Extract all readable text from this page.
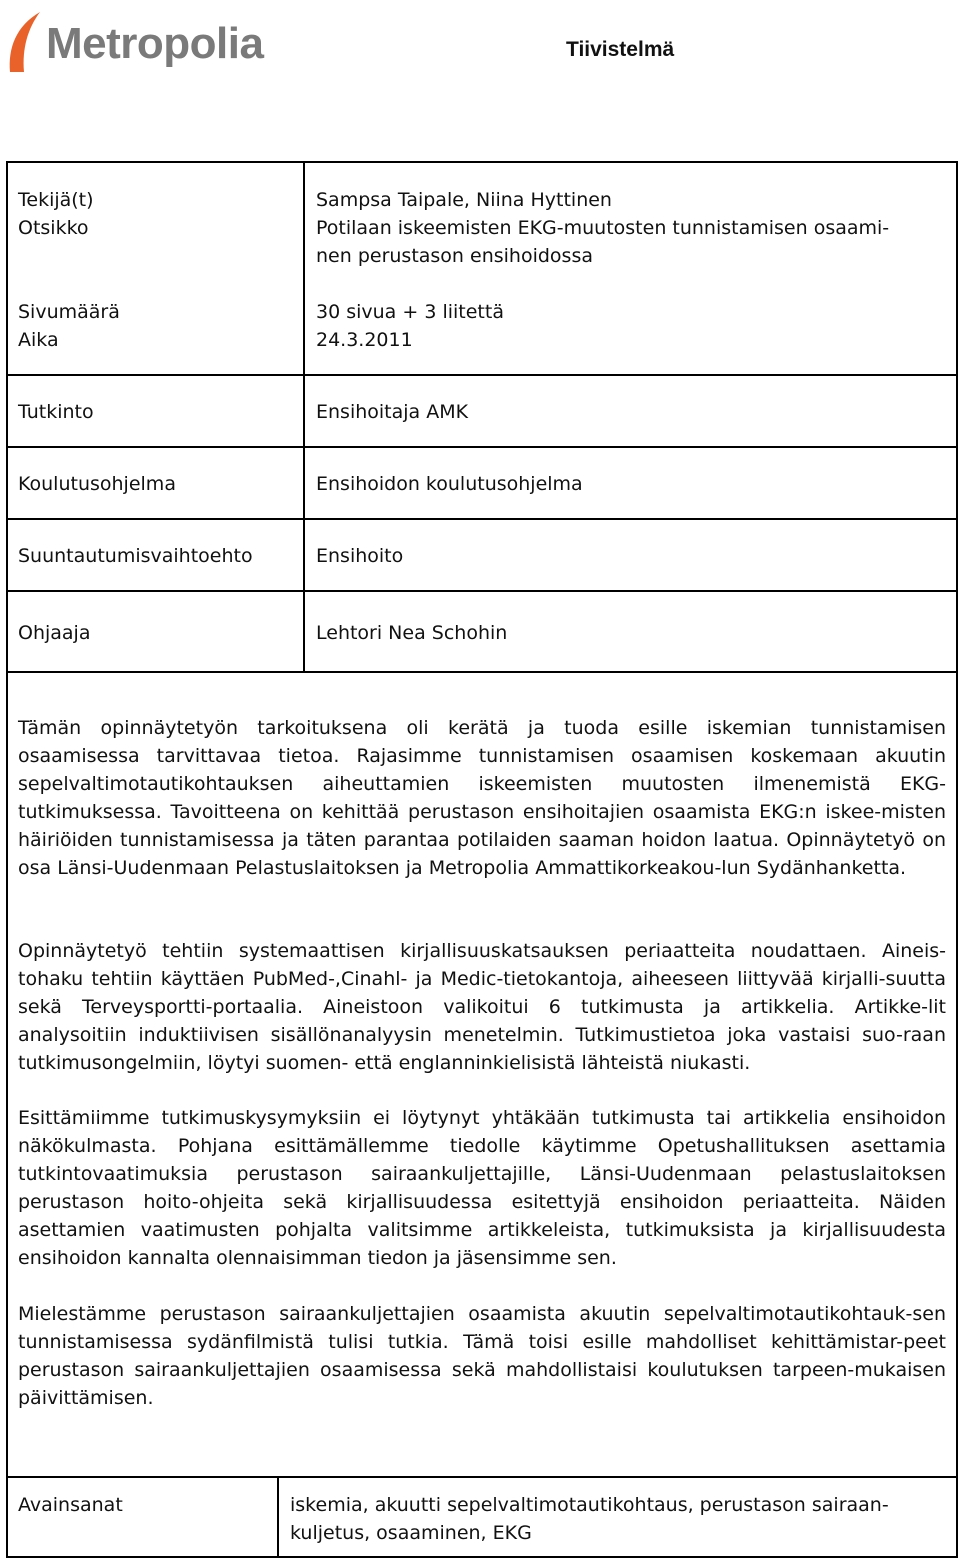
Metropolia	Tiivistelmä
Tekijä(t)	Sampsa Taipale, Niina Hyttinen
Otsikko	Potilaan iskeemisten EKG-muutosten tunnistamisen osaami-
nen perustason ensihoidossa
Sivumäärä	30 sivua + 3 liitettä
Aika	24.3.2011
Tutkinto	Ensihoitaja AMK
Koulutusohjelma	Ensihoidon koulutusohjelma
Suuntautumisvaihtoehto	Ensihoito
Ohjaaja	Lehtori Nea Schohin

Tämän opinnäytetyön tarkoituksena oli kerätä ja tuoda esille iskemian tunnistamisen osaamisessa tarvittavaa tietoa. Rajasimme tunnistamisen osaamisen koskemaan akuutin sepelvaltimotautikohtauksen aiheuttamien iskeemisten muutosten ilmenemistä EKG-tutkimuksessa. Tavoitteena on kehittää perustason ensihoitajien osaamista EKG:n iskee-misten häiriöiden tunnistamisessa ja täten parantaa potilaiden saaman hoidon laatua. Opinnäytetyö on osa Länsi-Uudenmaan Pelastuslaitoksen ja Metropolia Ammattikorkeakou-lun Sydänhanketta.

Opinnäytetyö tehtiin systemaattisen kirjallisuuskatsauksen periaatteita noudattaen. Aineis-tohaku tehtiin käyttäen PubMed-,Cinahl- ja Medic-tietokantoja, aiheeseen liittyvää kirjalli-suutta sekä Terveysportti-portaalia. Aineistoon valikoitui 6 tutkimusta ja artikkelia. Artikke-lit analysoitiin induktiivisen sisällönanalyysin menetelmin. Tutkimustietoa joka vastaisi suo-raan tutkimusongelmiin, löytyi suomen- että englanninkielisistä lähteistä niukasti.

Esittämiimme tutkimuskysymyksiin ei löytynyt yhtäkään tutkimusta tai artikkelia ensihoidon näkökulmasta. Pohjana esittämällemme tiedolle käytimme Opetushallituksen asettamia tutkintovaatimuksia perustason sairaankuljettajille, Länsi-Uudenmaan pelastuslaitoksen perustason hoito-ohjeita sekä kirjallisuudessa esitettyjä ensihoidon periaatteita. Näiden asettamien vaatimusten pohjalta valitsimme artikkeleista, tutkimuksista ja kirjallisuudesta ensihoidon kannalta olennaisimman tiedon ja jäsensimme sen.

Mielestämme perustason sairaankuljettajien osaamista akuutin sepelvaltimotautikohtauk-sen tunnistamisessa sydänfilmistä tulisi tutkia. Tämä toisi esille mahdolliset kehittämistar-peet perustason sairaankuljettajien osaamisessa sekä mahdollistaisi koulutuksen tarpeen-mukaisen päivittämisen.

Avainsanat	iskemia, akuutti sepelvaltimotautikohtaus, perustason sairaan-
kuljetus, osaaminen, EKG
